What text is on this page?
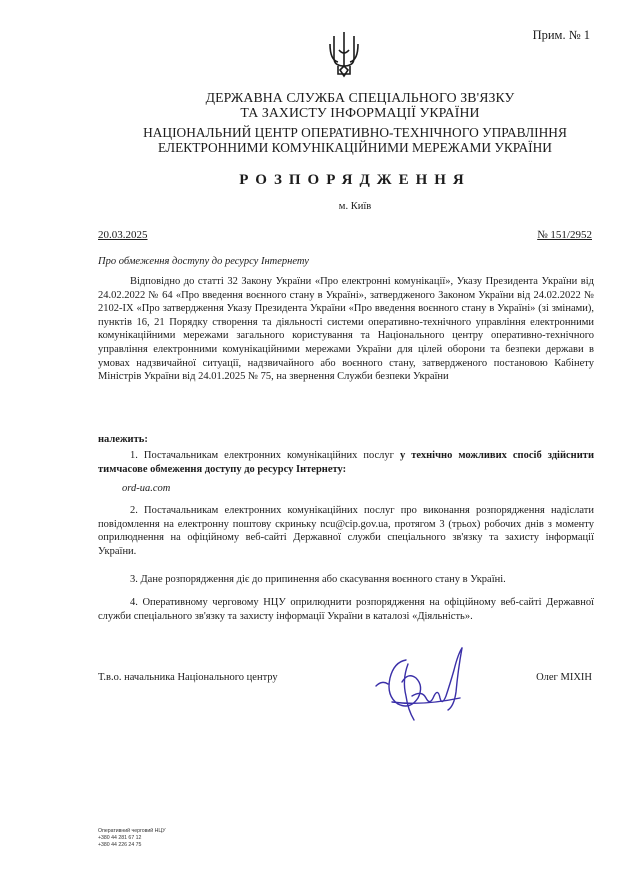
Прим. № 1
ДЕРЖАВНА СЛУЖБА СПЕЦІАЛЬНОГО ЗВ'ЯЗКУ
ТА ЗАХИСТУ ІНФОРМАЦІЇ УКРАЇНИ
НАЦІОНАЛЬНИЙ ЦЕНТР ОПЕРАТИВНО-ТЕХНІЧНОГО УПРАВЛІННЯ
ЕЛЕКТРОННИМИ КОМУНІКАЦІЙНИМИ МЕРЕЖАМИ УКРАЇНИ
РОЗПОРЯДЖЕННЯ
м. Київ
20.03.2025	№ 151/2952
Про обмеження доступу до ресурсу Інтернету

Відповідно до статті 32 Закону України «Про електронні комунікації», Указу Президента України від 24.02.2022 № 64 «Про введення воєнного стану в Україні», затвердженого Законом України від 24.02.2022 № 2102-IX «Про затвердження Указу Президента України «Про введення воєнного стану в Україні» (зі змінами), пунктів 16, 21 Порядку створення та діяльності системи оперативно-технічного управління електронними комунікаційними мережами загального користування та Національного центру оперативно-технічного управління електронними комунікаційними мережами України для цілей оборони та безпеки держави в умовах надзвичайної ситуації, надзвичайного або воєнного стану, затвердженого постановою Кабінету Міністрів України від 24.01.2025 № 75, на звернення Служби безпеки України

належить:

1. Постачальникам електронних комунікаційних послуг у технічно можливих спосіб здійснити тимчасове обмеження доступу до ресурсу Інтернету:

ord-ua.com

2. Постачальникам електронних комунікаційних послуг про виконання розпорядження надіслати повідомлення на електронну поштову скриньку ncu@cip.gov.ua, протягом 3 (трьох) робочих днів з моменту оприлюднення на офіційному веб-сайті Державної служби спеціального зв'язку та захисту інформації України.

3. Дане розпорядження діє до припинення або скасування воєнного стану в Україні.

4. Оперативному черговому НЦУ оприлюднити розпорядження на офіційному веб-сайті Державної служби спеціального зв'язку та захисту інформації України в каталозі «Діяльність».

Т.в.о. начальника Національного центру	Олег МІХІН
Оперативний черговий НЦУ
+380 44 281 67 12
+380 44 226 24 75
